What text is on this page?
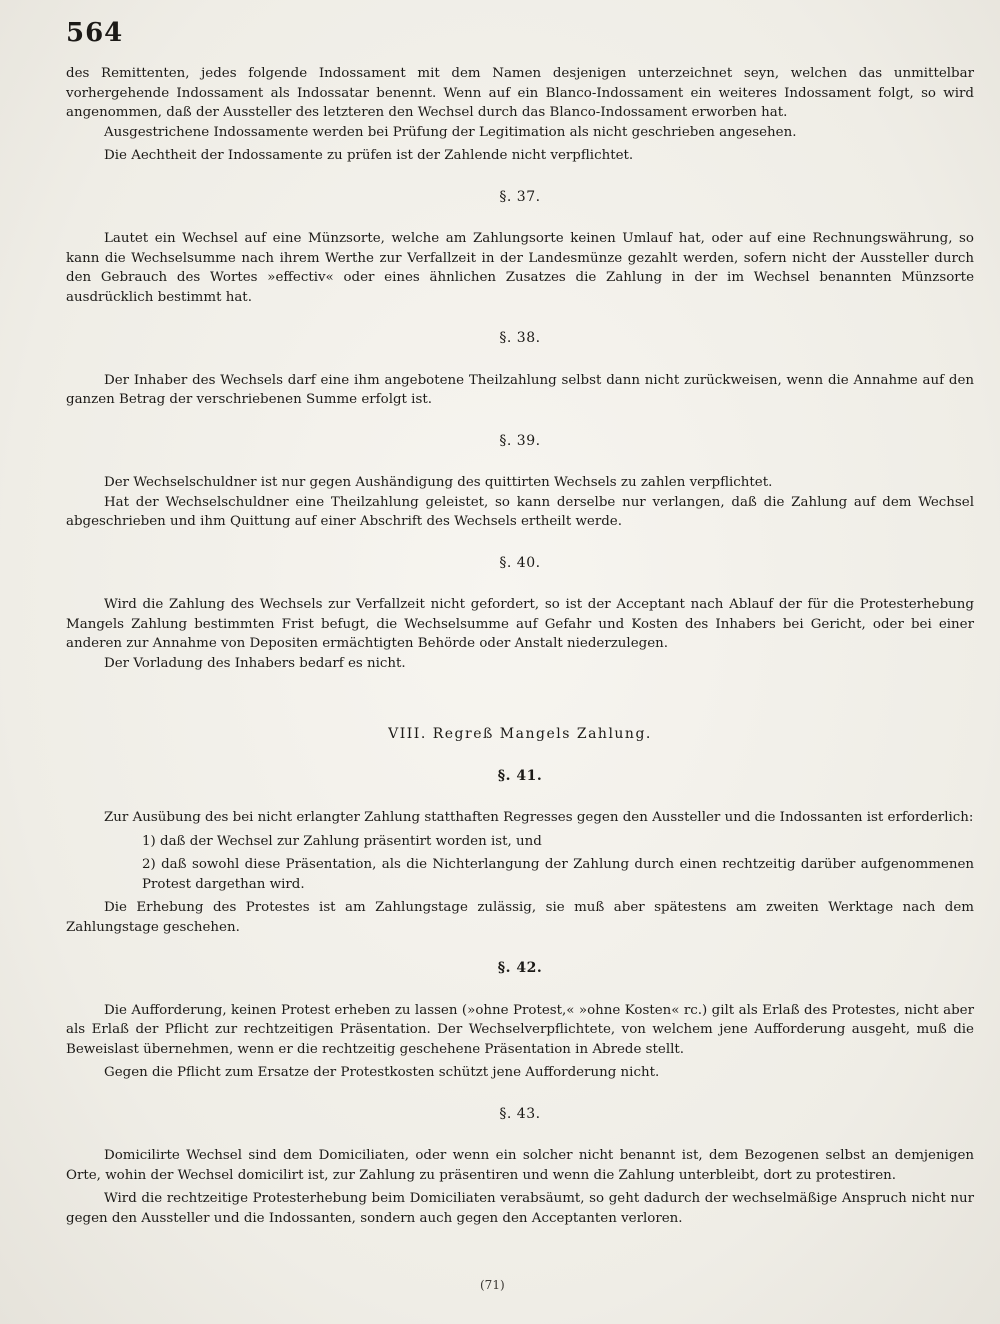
564
des Remittenten, jedes folgende Indossament mit dem Namen desjenigen unterzeichnet seyn, welchen das unmittelbar vorhergehende Indossament als Indossatar benennt. Wenn auf ein Blanco-Indossament ein weiteres Indossament folgt, so wird angenommen, daß der Aussteller des letzteren den Wechsel durch das Blanco-Indossament erworben hat.
Ausgestrichene Indossamente werden bei Prüfung der Legitimation als nicht geschrieben angesehen.
Die Aechtheit der Indossamente zu prüfen ist der Zahlende nicht verpflichtet.
§. 37.
Lautet ein Wechsel auf eine Münzsorte, welche am Zahlungsorte keinen Umlauf hat, oder auf eine Rechnungswährung, so kann die Wechselsumme nach ihrem Werthe zur Verfallzeit in der Landesmünze gezahlt werden, sofern nicht der Aussteller durch den Gebrauch des Wortes »effectiv« oder eines ähnlichen Zusatzes die Zahlung in der im Wechsel benannten Münzsorte ausdrücklich bestimmt hat.
§. 38.
Der Inhaber des Wechsels darf eine ihm angebotene Theilzahlung selbst dann nicht zurückweisen, wenn die Annahme auf den ganzen Betrag der verschriebenen Summe erfolgt ist.
§. 39.
Der Wechselschuldner ist nur gegen Aushändigung des quittirten Wechsels zu zahlen verpflichtet.
Hat der Wechselschuldner eine Theilzahlung geleistet, so kann derselbe nur verlangen, daß die Zahlung auf dem Wechsel abgeschrieben und ihm Quittung auf einer Abschrift des Wechsels ertheilt werde.
§. 40.
Wird die Zahlung des Wechsels zur Verfallzeit nicht gefordert, so ist der Acceptant nach Ablauf der für die Protesterhebung Mangels Zahlung bestimmten Frist befugt, die Wechselsumme auf Gefahr und Kosten des Inhabers bei Gericht, oder bei einer anderen zur Annahme von Depositen ermächtigten Behörde oder Anstalt niederzulegen.
Der Vorladung des Inhabers bedarf es nicht.
VIII. Regreß Mangels Zahlung.
§. 41.
Zur Ausübung des bei nicht erlangter Zahlung statthaften Regresses gegen den Aussteller und die Indossanten ist erforderlich:
1) daß der Wechsel zur Zahlung präsentirt worden ist, und
2) daß sowohl diese Präsentation, als die Nichterlangung der Zahlung durch einen rechtzeitig darüber aufgenommenen Protest dargethan wird.
Die Erhebung des Protestes ist am Zahlungstage zulässig, sie muß aber spätestens am zweiten Werktage nach dem Zahlungstage geschehen.
§. 42.
Die Aufforderung, keinen Protest erheben zu lassen (»ohne Protest,« »ohne Kosten« rc.) gilt als Erlaß des Protestes, nicht aber als Erlaß der Pflicht zur rechtzeitigen Präsentation. Der Wechselverpflichtete, von welchem jene Aufforderung ausgeht, muß die Beweislast übernehmen, wenn er die rechtzeitig geschehene Präsentation in Abrede stellt.
Gegen die Pflicht zum Ersatze der Protestkosten schützt jene Aufforderung nicht.
§. 43.
Domicilirte Wechsel sind dem Domiciliaten, oder wenn ein solcher nicht benannt ist, dem Bezogenen selbst an demjenigen Orte, wohin der Wechsel domicilirt ist, zur Zahlung zu präsentiren und wenn die Zahlung unterbleibt, dort zu protestiren.
Wird die rechtzeitige Protesterhebung beim Domiciliaten verabsäumt, so geht dadurch der wechselmäßige Anspruch nicht nur gegen den Aussteller und die Indossanten, sondern auch gegen den Acceptanten verloren.
(71)
